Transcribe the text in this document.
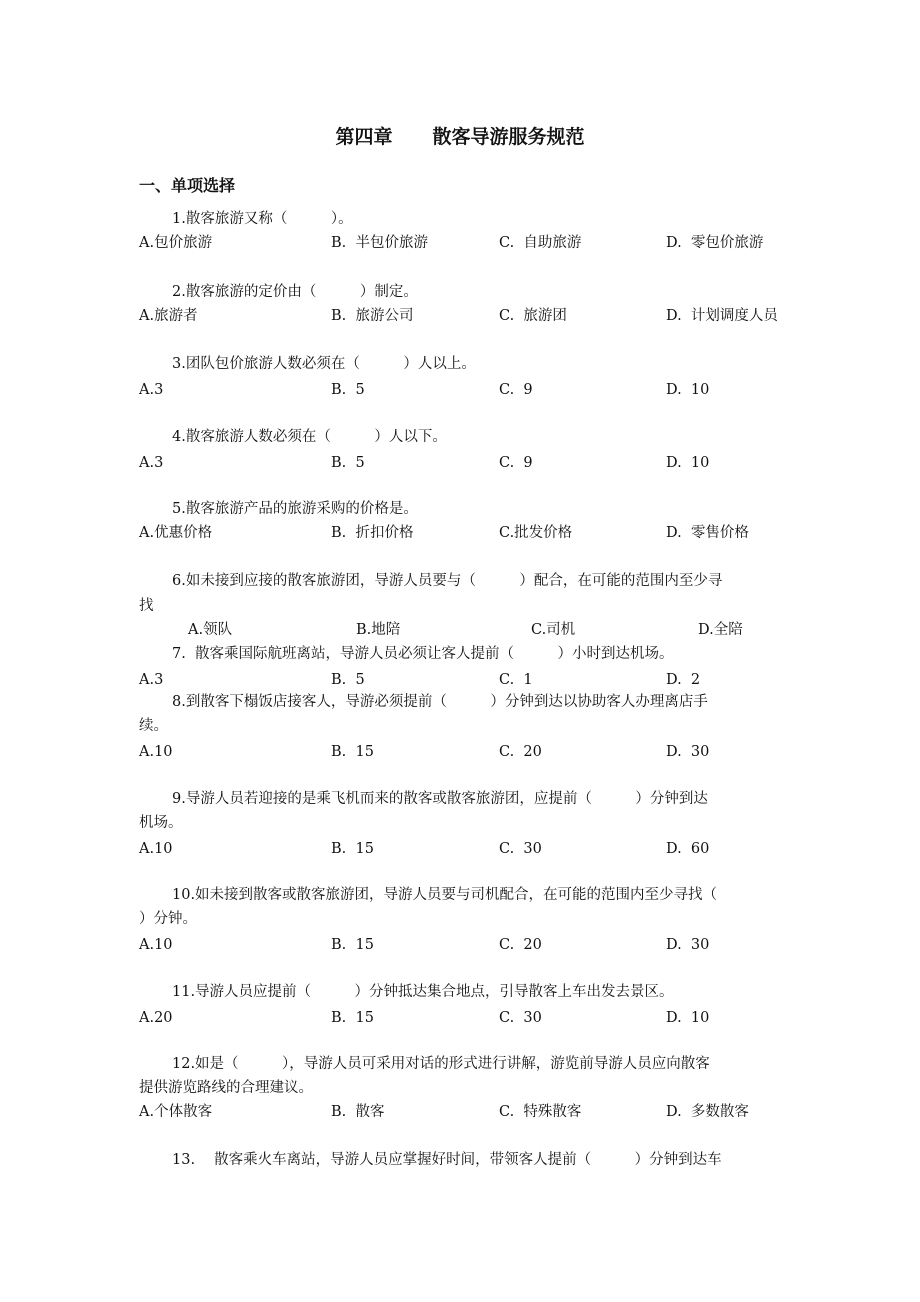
第四章 散客导游服务规范
一、单项选择
1.散客旅游又称（　　　）。
A.包价旅游	B.  半包价旅游	C.  自助旅游	D.  零包价旅游
2.散客旅游的定价由（　　　）制定。
A.旅游者	B.  旅游公司	C.  旅游团	D.  计划调度人员
3.团队包价旅游人数必须在（　　　）人以上。
A.3	B.  5	C.  9	D.  10
4.散客旅游人数必须在（　　　）人以下。
A.3	B.  5	C.  9	D.  10
5.散客旅游产品的旅游采购的价格是。
A.优惠价格	B.  折扣价格	C.批发价格	D.  零售价格
6.如未接到应接的散客旅游团，导游人员要与（　　　）配合，在可能的范围内至少寻
找
A.领队	B.地陪	C.司机	D.全陪
7.  散客乘国际航班离站，导游人员必须让客人提前（　　　）小时到达机场。
A.3	B.  5	C.  1	D.  2
8.到散客下榻饭店接客人，导游必须提前（　　　）分钟到达以协助客人办理离店手
续。
A.10	B.  15	C.  20	D.  30
9.导游人员若迎接的是乘飞机而来的散客或散客旅游团，应提前（　　　）分钟到达
机场。
A.10	B.  15	C.  30	D.  60
10.如未接到散客或散客旅游团，导游人员要与司机配合，在可能的范围内至少寻找（
）分钟。
A.10	B.  15	C.  20	D.  30
11.导游人员应提前（　　　）分钟抵达集合地点，引导散客上车出发去景区。
A.20	B.  15	C.  30	D.  10
12.如是（　　　），导游人员可采用对话的形式进行讲解，游览前导游人员应向散客
提供游览路线的合理建议。
A.个体散客	B.  散客	C.  特殊散客	D.  多数散客
13.　 散客乘火车离站，导游人员应掌握好时间，带领客人提前（　　　）分钟到达车
